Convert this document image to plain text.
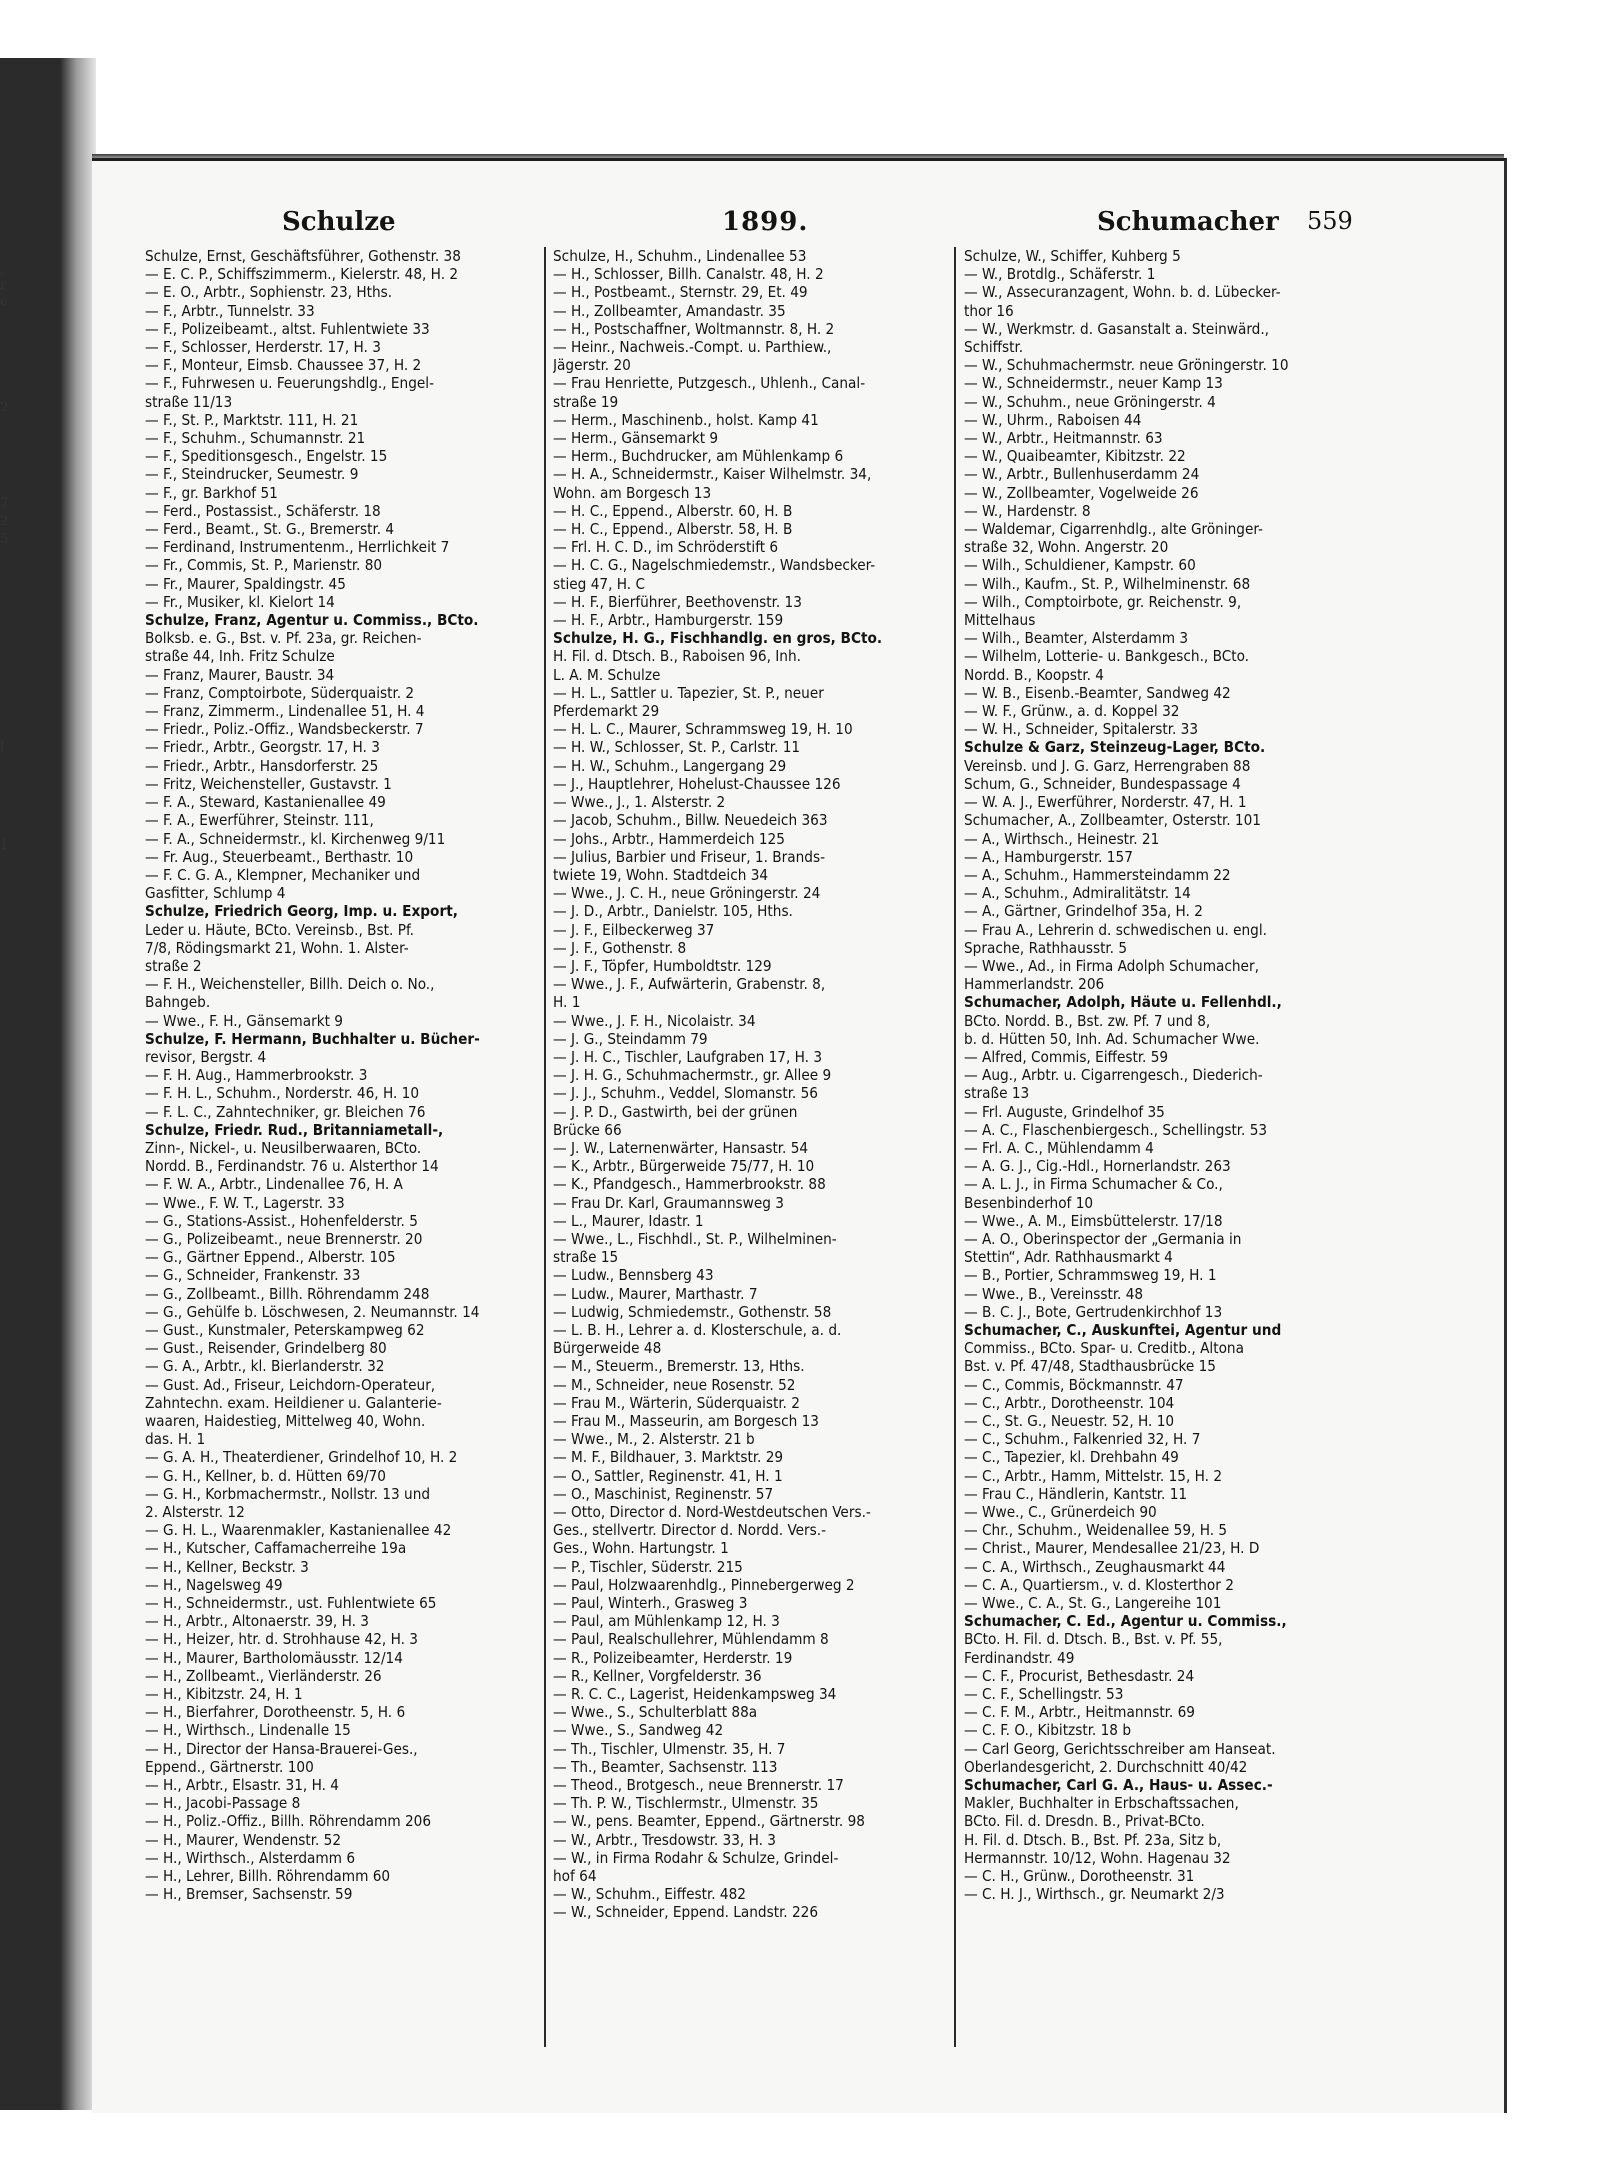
,
r
e
2
7
2
5
l
1
Schulze	1899.	Schumacher 559

Schulze, Ernst, Geschäftsführer, Gothenstr. 38

— E. C. P., Schiffszimmerm., Kielerstr. 48, H. 2

— E. O., Arbtr., Sophienstr. 23, Hths.

— F., Arbtr., Tunnelstr. 33

— F., Polizeibeamt., altst. Fuhlentwiete 33

— F., Schlosser, Herderstr. 17, H. 3

— F., Monteur, Eimsb. Chaussee 37, H. 2

— F., Fuhrwesen u. Feuerungshdlg., Engel-

straße 11/13

— F., St. P., Marktstr. 111, H. 21

— F., Schuhm., Schumannstr. 21

— F., Speditionsgesch., Engelstr. 15

— F., Steindrucker, Seumestr. 9

— F., gr. Barkhof 51

— Ferd., Postassist., Schäferstr. 18

— Ferd., Beamt., St. G., Bremerstr. 4

— Ferdinand, Instrumentenm., Herrlichkeit 7

— Fr., Commis, St. P., Marienstr. 80

— Fr., Maurer, Spaldingstr. 45

— Fr., Musiker, kl. Kielort 14

Schulze, Franz, Agentur u. Commiss., BCto.

Bolksb. e. G., Bst. v. Pf. 23a, gr. Reichen-

straße 44, Inh. Fritz Schulze

— Franz, Maurer, Baustr. 34

— Franz, Comptoirbote, Süderquaistr. 2

— Franz, Zimmerm., Lindenallee 51, H. 4

— Friedr., Poliz.-Offiz., Wandsbeckerstr. 7

— Friedr., Arbtr., Georgstr. 17, H. 3

— Friedr., Arbtr., Hansdorferstr. 25

— Fritz, Weichensteller, Gustavstr. 1

— F. A., Steward, Kastanienallee 49

— F. A., Ewerführer, Steinstr. 111,

— F. A., Schneidermstr., kl. Kirchenweg 9/11

— Fr. Aug., Steuerbeamt., Berthastr. 10

— F. C. G. A., Klempner, Mechaniker und

Gasfitter, Schlump 4

Schulze, Friedrich Georg, Imp. u. Export,

Leder u. Häute, BCto. Vereinsb., Bst. Pf.

7/8, Rödingsmarkt 21, Wohn. 1. Alster-

straße 2

— F. H., Weichensteller, Billh. Deich o. No.,

Bahngeb.

— Wwe., F. H., Gänsemarkt 9

Schulze, F. Hermann, Buchhalter u. Bücher-

revisor, Bergstr. 4

— F. H. Aug., Hammerbrookstr. 3

— F. H. L., Schuhm., Norderstr. 46, H. 10

— F. L. C., Zahntechniker, gr. Bleichen 76

Schulze, Friedr. Rud., Britanniametall-,

Zinn-, Nickel-, u. Neusilberwaaren, BCto.

Nordd. B., Ferdinandstr. 76 u. Alsterthor 14

— F. W. A., Arbtr., Lindenallee 76, H. A

— Wwe., F. W. T., Lagerstr. 33

— G., Stations-Assist., Hohenfelderstr. 5

— G., Polizeibeamt., neue Brennerstr. 20

— G., Gärtner Eppend., Alberstr. 105

— G., Schneider, Frankenstr. 33

— G., Zollbeamt., Billh. Röhrendamm 248

— G., Gehülfe b. Löschwesen, 2. Neumannstr. 14

— Gust., Kunstmaler, Peterskampweg 62

— Gust., Reisender, Grindelberg 80

— G. A., Arbtr., kl. Bierlanderstr. 32

— Gust. Ad., Friseur, Leichdorn-Operateur,

Zahntechn. exam. Heildiener u. Galanterie-

waaren, Haidestieg, Mittelweg 40, Wohn.

das. H. 1

— G. A. H., Theaterdiener, Grindelhof 10, H. 2

— G. H., Kellner, b. d. Hütten 69/70

— G. H., Korbmachermstr., Nollstr. 13 und

2. Alsterstr. 12

— G. H. L., Waarenmakler, Kastanienallee 42

— H., Kutscher, Caffamacherreihe 19a

— H., Kellner, Beckstr. 3

— H., Nagelsweg 49

— H., Schneidermstr., ust. Fuhlentwiete 65

— H., Arbtr., Altonaerstr. 39, H. 3

— H., Heizer, htr. d. Strohhause 42, H. 3

— H., Maurer, Bartholomäusstr. 12/14

— H., Zollbeamt., Vierländerstr. 26

— H., Kibitzstr. 24, H. 1

— H., Bierfahrer, Dorotheenstr. 5, H. 6

— H., Wirthsch., Lindenalle 15

— H., Director der Hansa-Brauerei-Ges.,

Eppend., Gärtnerstr. 100

— H., Arbtr., Elsastr. 31, H. 4

— H., Jacobi-Passage 8

— H., Poliz.-Offiz., Billh. Röhrendamm 206

— H., Maurer, Wendenstr. 52

— H., Wirthsch., Alsterdamm 6

— H., Lehrer, Billh. Röhrendamm 60

— H., Bremser, Sachsenstr. 59

Schulze, H., Schuhm., Lindenallee 53

— H., Schlosser, Billh. Canalstr. 48, H. 2

— H., Postbeamt., Sternstr. 29, Et. 49

— H., Zollbeamter, Amandastr. 35

— H., Postschaffner, Woltmannstr. 8, H. 2

— Heinr., Nachweis.-Compt. u. Parthiew.,

Jägerstr. 20

— Frau Henriette, Putzgesch., Uhlenh., Canal-

straße 19

— Herm., Maschinenb., holst. Kamp 41

— Herm., Gänsemarkt 9

— Herm., Buchdrucker, am Mühlenkamp 6

— H. A., Schneidermstr., Kaiser Wilhelmstr. 34,

Wohn. am Borgesch 13

— H. C., Eppend., Alberstr. 60, H. B

— H. C., Eppend., Alberstr. 58, H. B

— Frl. H. C. D., im Schröderstift 6

— H. C. G., Nagelschmiedemstr., Wandsbecker-

stieg 47, H. C

— H. F., Bierführer, Beethovenstr. 13

— H. F., Arbtr., Hamburgerstr. 159

Schulze, H. G., Fischhandlg. en gros, BCto.

H. Fil. d. Dtsch. B., Raboisen 96, Inh.

L. A. M. Schulze

— H. L., Sattler u. Tapezier, St. P., neuer

Pferdemarkt 29

— H. L. C., Maurer, Schrammsweg 19, H. 10

— H. W., Schlosser, St. P., Carlstr. 11

— H. W., Schuhm., Langergang 29

— J., Hauptlehrer, Hohelust-Chaussee 126

— Wwe., J., 1. Alsterstr. 2

— Jacob, Schuhm., Billw. Neuedeich 363

— Johs., Arbtr., Hammerdeich 125

— Julius, Barbier und Friseur, 1. Brands-

twiete 19, Wohn. Stadtdeich 34

— Wwe., J. C. H., neue Gröningerstr. 24

— J. D., Arbtr., Danielstr. 105, Hths.

— J. F., Eilbeckerweg 37

— J. F., Gothenstr. 8

— J. F., Töpfer, Humboldtstr. 129

— Wwe., J. F., Aufwärterin, Grabenstr. 8,

H. 1

— Wwe., J. F. H., Nicolaistr. 34

— J. G., Steindamm 79

— J. H. C., Tischler, Laufgraben 17, H. 3

— J. H. G., Schuhmachermstr., gr. Allee 9

— J. J., Schuhm., Veddel, Slomanstr. 56

— J. P. D., Gastwirth, bei der grünen

Brücke 66

— J. W., Laternenwärter, Hansastr. 54

— K., Arbtr., Bürgerweide 75/77, H. 10

— K., Pfandgesch., Hammerbrookstr. 88

— Frau Dr. Karl, Graumannsweg 3

— L., Maurer, Idastr. 1

— Wwe., L., Fischhdl., St. P., Wilhelminen-

straße 15

— Ludw., Bennsberg 43

— Ludw., Maurer, Marthastr. 7

— Ludwig, Schmiedemstr., Gothenstr. 58

— L. B. H., Lehrer a. d. Klosterschule, a. d.

Bürgerweide 48

— M., Steuerm., Bremerstr. 13, Hths.

— M., Schneider, neue Rosenstr. 52

— Frau M., Wärterin, Süderquaistr. 2

— Frau M., Masseurin, am Borgesch 13

— Wwe., M., 2. Alsterstr. 21 b

— M. F., Bildhauer, 3. Marktstr. 29

— O., Sattler, Reginenstr. 41, H. 1

— O., Maschinist, Reginenstr. 57

— Otto, Director d. Nord-Westdeutschen Vers.-

Ges., stellvertr. Director d. Nordd. Vers.-

Ges., Wohn. Hartungstr. 1

— P., Tischler, Süderstr. 215

— Paul, Holzwaarenhdlg., Pinnebergerweg 2

— Paul, Winterh., Grasweg 3

— Paul, am Mühlenkamp 12, H. 3

— Paul, Realschullehrer, Mühlendamm 8

— R., Polizeibeamter, Herderstr. 19

— R., Kellner, Vorgfelderstr. 36

— R. C. C., Lagerist, Heidenkampsweg 34

— Wwe., S., Schulterblatt 88a

— Wwe., S., Sandweg 42

— Th., Tischler, Ulmenstr. 35, H. 7

— Th., Beamter, Sachsenstr. 113

— Theod., Brotgesch., neue Brennerstr. 17

— Th. P. W., Tischlermstr., Ulmenstr. 35

— W., pens. Beamter, Eppend., Gärtnerstr. 98

— W., Arbtr., Tresdowstr. 33, H. 3

— W., in Firma Rodahr & Schulze, Grindel-

hof 64

— W., Schuhm., Eiffestr. 482

— W., Schneider, Eppend. Landstr. 226

Schulze, W., Schiffer, Kuhberg 5

— W., Brotdlg., Schäferstr. 1

— W., Assecuranzagent, Wohn. b. d. Lübecker-

thor 16

— W., Werkmstr. d. Gasanstalt a. Steinwärd.,

Schiffstr.

— W., Schuhmachermstr. neue Gröningerstr. 10

— W., Schneidermstr., neuer Kamp 13

— W., Schuhm., neue Gröningerstr. 4

— W., Uhrm., Raboisen 44

— W., Arbtr., Heitmannstr. 63

— W., Quaibeamter, Kibitzstr. 22

— W., Arbtr., Bullenhuserdamm 24

— W., Zollbeamter, Vogelweide 26

— W., Hardenstr. 8

— Waldemar, Cigarrenhdlg., alte Gröninger-

straße 32, Wohn. Angerstr. 20

— Wilh., Schuldiener, Kampstr. 60

— Wilh., Kaufm., St. P., Wilhelminenstr. 68

— Wilh., Comptoirbote, gr. Reichenstr. 9,

Mittelhaus

— Wilh., Beamter, Alsterdamm 3

— Wilhelm, Lotterie- u. Bankgesch., BCto.

Nordd. B., Koopstr. 4

— W. B., Eisenb.-Beamter, Sandweg 42

— W. F., Grünw., a. d. Koppel 32

— W. H., Schneider, Spitalerstr. 33

Schulze & Garz, Steinzeug-Lager, BCto.

Vereinsb. und J. G. Garz, Herrengraben 88

Schum, G., Schneider, Bundespassage 4

— W. A. J., Ewerführer, Norderstr. 47, H. 1

Schumacher, A., Zollbeamter, Osterstr. 101

— A., Wirthsch., Heinestr. 21

— A., Hamburgerstr. 157

— A., Schuhm., Hammersteindamm 22

— A., Schuhm., Admiralitätstr. 14

— A., Gärtner, Grindelhof 35a, H. 2

— Frau A., Lehrerin d. schwedischen u. engl.

Sprache, Rathhausstr. 5

— Wwe., Ad., in Firma Adolph Schumacher,

Hammerlandstr. 206

Schumacher, Adolph, Häute u. Fellenhdl.,

BCto. Nordd. B., Bst. zw. Pf. 7 und 8,

b. d. Hütten 50, Inh. Ad. Schumacher Wwe.

— Alfred, Commis, Eiffestr. 59

— Aug., Arbtr. u. Cigarrengesch., Diederich-

straße 13

— Frl. Auguste, Grindelhof 35

— A. C., Flaschenbiergesch., Schellingstr. 53

— Frl. A. C., Mühlendamm 4

— A. G. J., Cig.-Hdl., Hornerlandstr. 263

— A. L. J., in Firma Schumacher & Co.,

Besenbinderhof 10

— Wwe., A. M., Eimsbüttelerstr. 17/18

— A. O., Oberinspector der „Germania in

Stettin“, Adr. Rathhausmarkt 4

— B., Portier, Schrammsweg 19, H. 1

— Wwe., B., Vereinsstr. 48

— B. C. J., Bote, Gertrudenkirchhof 13

Schumacher, C., Auskunftei, Agentur und

Commiss., BCto. Spar- u. Creditb., Altona

Bst. v. Pf. 47/48, Stadthausbrücke 15

— C., Commis, Böckmannstr. 47

— C., Arbtr., Dorotheenstr. 104

— C., St. G., Neuestr. 52, H. 10

— C., Schuhm., Falkenried 32, H. 7

— C., Tapezier, kl. Drehbahn 49

— C., Arbtr., Hamm, Mittelstr. 15, H. 2

— Frau C., Händlerin, Kantstr. 11

— Wwe., C., Grünerdeich 90

— Chr., Schuhm., Weidenallee 59, H. 5

— Christ., Maurer, Mendesallee 21/23, H. D

— C. A., Wirthsch., Zeughausmarkt 44

— C. A., Quartiersm., v. d. Klosterthor 2

— Wwe., C. A., St. G., Langereihe 101

Schumacher, C. Ed., Agentur u. Commiss.,

BCto. H. Fil. d. Dtsch. B., Bst. v. Pf. 55,

Ferdinandstr. 49

— C. F., Procurist, Bethesdastr. 24

— C. F., Schellingstr. 53

— C. F. M., Arbtr., Heitmannstr. 69

— C. F. O., Kibitzstr. 18 b

— Carl Georg, Gerichtsschreiber am Hanseat.

Oberlandesgericht, 2. Durchschnitt 40/42

Schumacher, Carl G. A., Haus- u. Assec.-

Makler, Buchhalter in Erbschaftssachen,

BCto. Fil. d. Dresdn. B., Privat-BCto.

H. Fil. d. Dtsch. B., Bst. Pf. 23a, Sitz b,

Hermannstr. 10/12, Wohn. Hagenau 32

— C. H., Grünw., Dorotheenstr. 31

— C. H. J., Wirthsch., gr. Neumarkt 2/3
